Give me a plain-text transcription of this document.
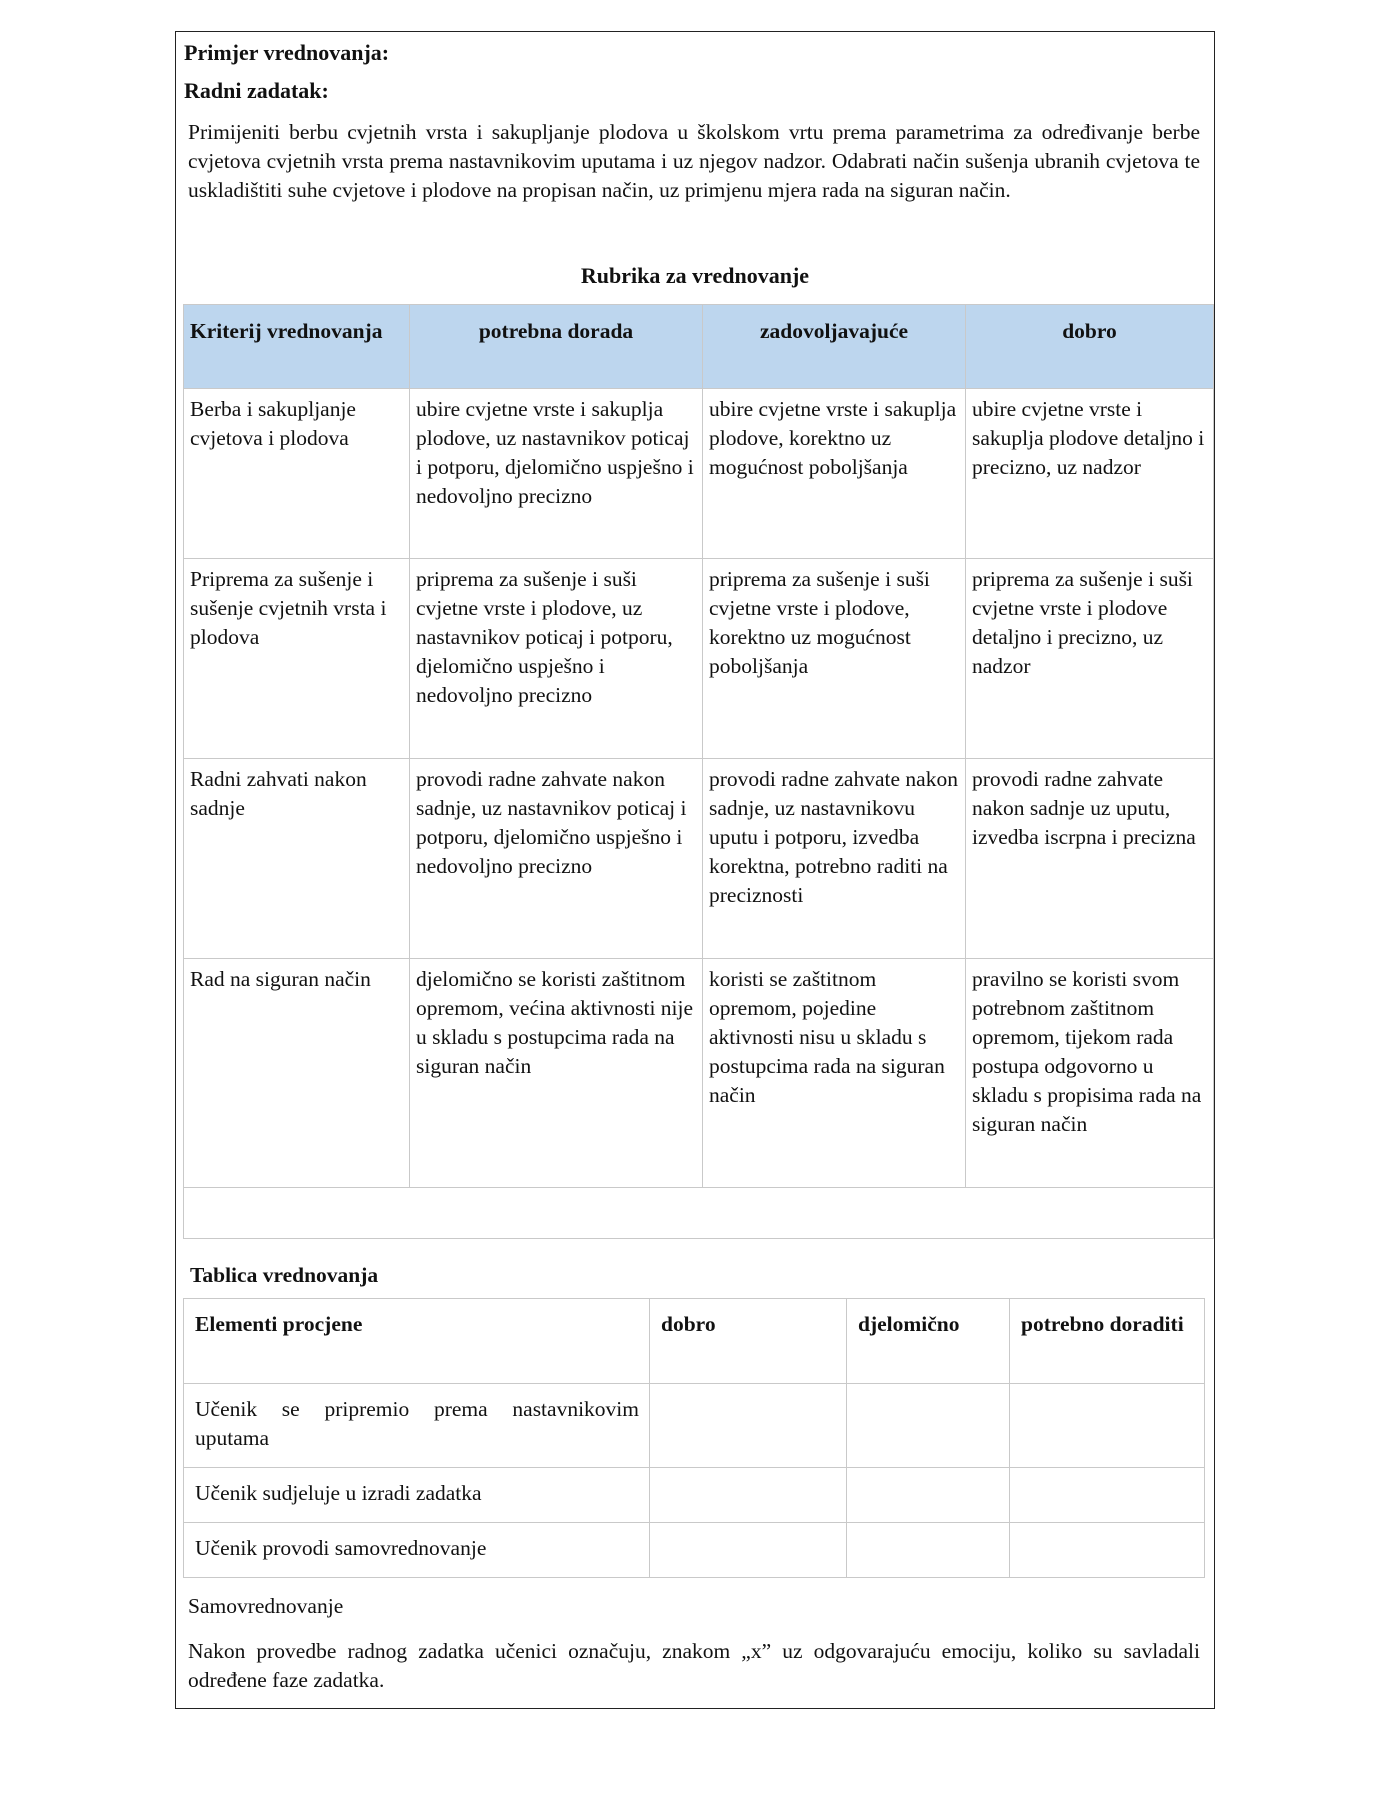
Primjer vrednovanja:
Radni zadatak:
Primijeniti berbu cvjetnih vrsta i sakupljanje plodova u školskom vrtu prema parametrima za određivanje berbe cvjetova cvjetnih vrsta prema nastavnikovim uputama i uz njegov nadzor. Odabrati način sušenja ubranih cvjetova te uskladištiti suhe cvjetove i plodove na propisan način, uz primjenu mjera rada na siguran način.
Rubrika za vrednovanje
Kriterij vrednovanja	potrebna dorada	zadovoljavajuće	dobro
Berba i sakupljanje cvjetova i plodova	ubire cvjetne vrste i sakuplja plodove, uz nastavnikov poticaj i potporu, djelomično uspješno i nedovoljno precizno	ubire cvjetne vrste i sakuplja plodove, korektno uz mogućnost poboljšanja	ubire cvjetne vrste i sakuplja plodove detaljno i precizno, uz nadzor
Priprema za sušenje i sušenje cvjetnih vrsta i plodova	priprema za sušenje i suši cvjetne vrste i plodove, uz nastavnikov poticaj i potporu, djelomično uspješno i nedovoljno precizno	priprema za sušenje i suši cvjetne vrste i plodove, korektno uz mogućnost poboljšanja	priprema za sušenje i suši cvjetne vrste i plodove detaljno i precizno, uz nadzor
Radni zahvati nakon sadnje	provodi radne zahvate nakon sadnje, uz nastavnikov poticaj i potporu, djelomično uspješno i nedovoljno precizno	provodi radne zahvate nakon sadnje, uz nastavnikovu uputu i potporu, izvedba korektna, potrebno raditi na preciznosti	provodi radne zahvate nakon sadnje uz uputu, izvedba iscrpna i precizna
Rad na siguran način	djelomično se koristi zaštitnom opremom, većina aktivnosti nije u skladu s postupcima rada na siguran način	koristi se zaštitnom opremom, pojedine aktivnosti nisu u skladu s postupcima rada na siguran način	pravilno se koristi svom potrebnom zaštitnom opremom, tijekom rada postupa odgovorno u skladu s propisima rada na siguran način

Tablica vrednovanja
Elementi procjene	dobro	djelomično	potrebno doraditi
Učenik se pripremio prema nastavnikovim uputama			
Učenik sudjeluje u izradi zadatka			
Učenik provodi samovrednovanje			
Samovrednovanje
Nakon provedbe radnog zadatka učenici označuju, znakom „x” uz odgovarajuću emociju, koliko su savladali određene faze zadatka.
